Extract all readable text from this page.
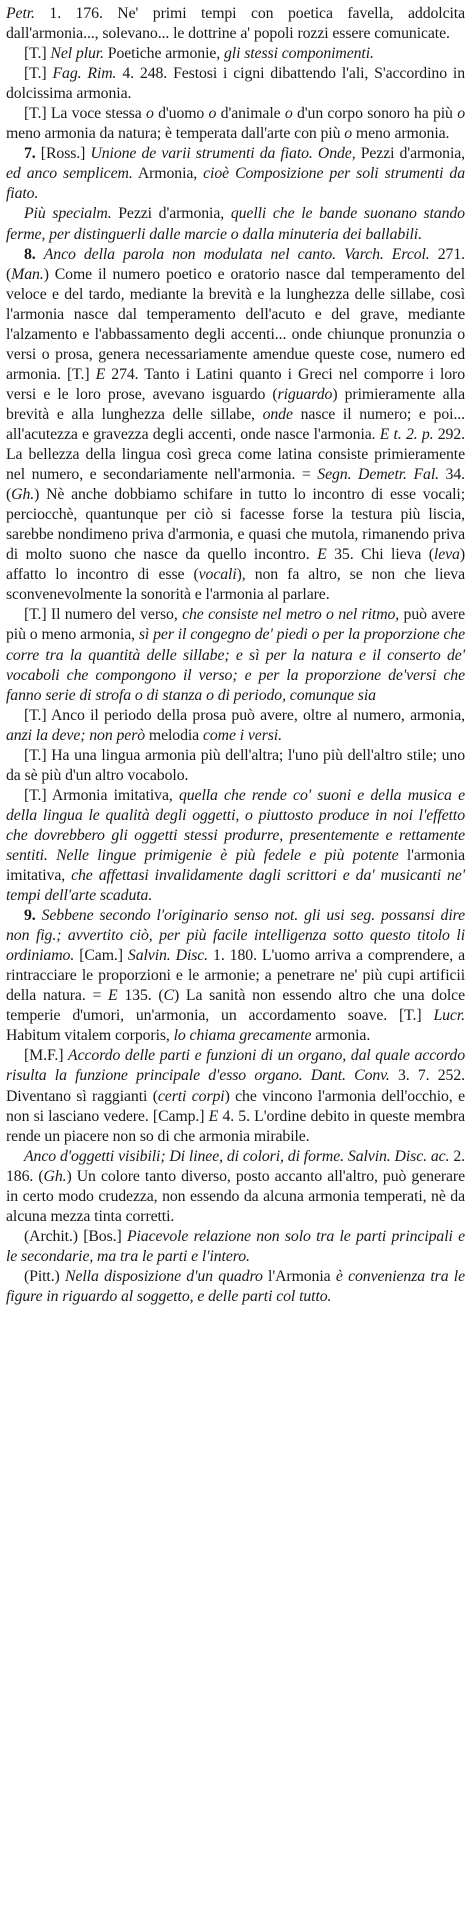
Petr. 1. 176. Ne' primi tempi con poetica favella, addolcita dall'armonia..., solevano... le dottrine a' popoli rozzi essere comunicate.

[T.] Nel plur. Poetiche armonie, gli stessi componimenti.

[T.] Fag. Rim. 4. 248. Festosi i cigni dibattendo l'ali, S'accordino in dolcissima armonia.

[T.] La voce stessa o d'uomo o d'animale o d'un corpo sonoro ha più o meno armonia da natura; è temperata dall'arte con più o meno armonia.

7. [Ross.] Unione de varii strumenti da fiato. Onde, Pezzi d'armonia, ed anco semplicem. Armonia, cioè Composizione per soli strumenti da fiato.

Più specialm. Pezzi d'armonia, quelli che le bande suonano stando ferme, per distinguerli dalle marcie o dalla minuteria dei ballabili.

8. Anco della parola non modulata nel canto. Varch. Ercol. 271. (Man.) Come il numero poetico e oratorio nasce dal temperamento del veloce e del tardo, mediante la brevità e la lunghezza delle sillabe, così l'armonia nasce dal temperamento dell'acuto e del grave, mediante l'alzamento e l'abbassamento degli accenti... onde chiunque pronunzia o versi o prosa, genera necessariamente amendue queste cose, numero ed armonia. [T.] E 274. Tanto i Latini quanto i Greci nel comporre i loro versi e le loro prose, avevano isguardo (riguardo) primieramente alla brevità e alla lunghezza delle sillabe, onde nasce il numero; e poi... all'acutezza e gravezza degli accenti, onde nasce l'armonia. E t. 2. p. 292. La bellezza della lingua così greca come latina consiste primieramente nel numero, e secondariamente nell'armonia. = Segn. Demetr. Fal. 34. (Gh.) Nè anche dobbiamo schifare in tutto lo incontro di esse vocali; perciocchè, quantunque per ciò si facesse forse la testura più liscia, sarebbe nondimeno priva d'armonia, e quasi che mutola, rimanendo priva di molto suono che nasce da quello incontro. E 35. Chi lieva (leva) affatto lo incontro di esse (vocali), non fa altro, se non che lieva sconvenevolmente la sonorità e l'armonia al parlare.

[T.] Il numero del verso, che consiste nel metro o nel ritmo, può avere più o meno armonia, sì per il congegno de' piedi o per la proporzione che corre tra la quantità delle sillabe; e sì per la natura e il conserto de' vocaboli che compongono il verso; e per la proporzione de'versi che fanno serie di strofa o di stanza o di periodo, comunque sia

[T.] Anco il periodo della prosa può avere, oltre al numero, armonia, anzi la deve; non però melodia come i versi.

[T.] Ha una lingua armonia più dell'altra; l'uno più dell'altro stile; uno da sè più d'un altro vocabolo.

[T.] Armonia imitativa, quella che rende co' suoni e della musica e della lingua le qualità degli oggetti, o piuttosto produce in noi l'effetto che dovrebbero gli oggetti stessi produrre, presentemente e rettamente sentiti. Nelle lingue primigenie è più fedele e più potente l'armonia imitativa, che affettasi invalidamente dagli scrittori e da' musicanti ne' tempi dell'arte scaduta.

9. Sebbene secondo l'originario senso not. gli usi seg. possansi dire non fig.; avvertito ciò, per più facile intelligenza sotto questo titolo li ordiniamo. [Cam.] Salvin. Disc. 1. 180. L'uomo arriva a comprendere, a rintracciare le proporzioni e le armonie; a penetrare ne' più cupi artificii della natura. = E 135. (C) La sanità non essendo altro che una dolce temperie d'umori, un'armonia, un accordamento soave. [T.] Lucr. Habitum vitalem corporis, lo chiama grecamente armonia.

[M.F.] Accordo delle parti e funzioni di un organo, dal quale accordo risulta la funzione principale d'esso organo. Dant. Conv. 3. 7. 252. Diventano sì raggianti (certi corpi) che vincono l'armonia dell'occhio, e non si lasciano vedere. [Camp.] E 4. 5. L'ordine debito in queste membra rende un piacere non so di che armonia mirabile.

Anco d'oggetti visibili; Di linee, di colori, di forme. Salvin. Disc. ac. 2. 186. (Gh.) Un colore tanto diverso, posto accanto all'altro, può generare in certo modo crudezza, non essendo da alcuna armonia temperati, nè da alcuna mezza tinta corretti.

(Archit.) [Bos.] Piacevole relazione non solo tra le parti principali e le secondarie, ma tra le parti e l'intero.

(Pitt.) Nella disposizione d'un quadro l'Armonia è convenienza tra le figure in riguardo al soggetto, e delle parti col tutto.
